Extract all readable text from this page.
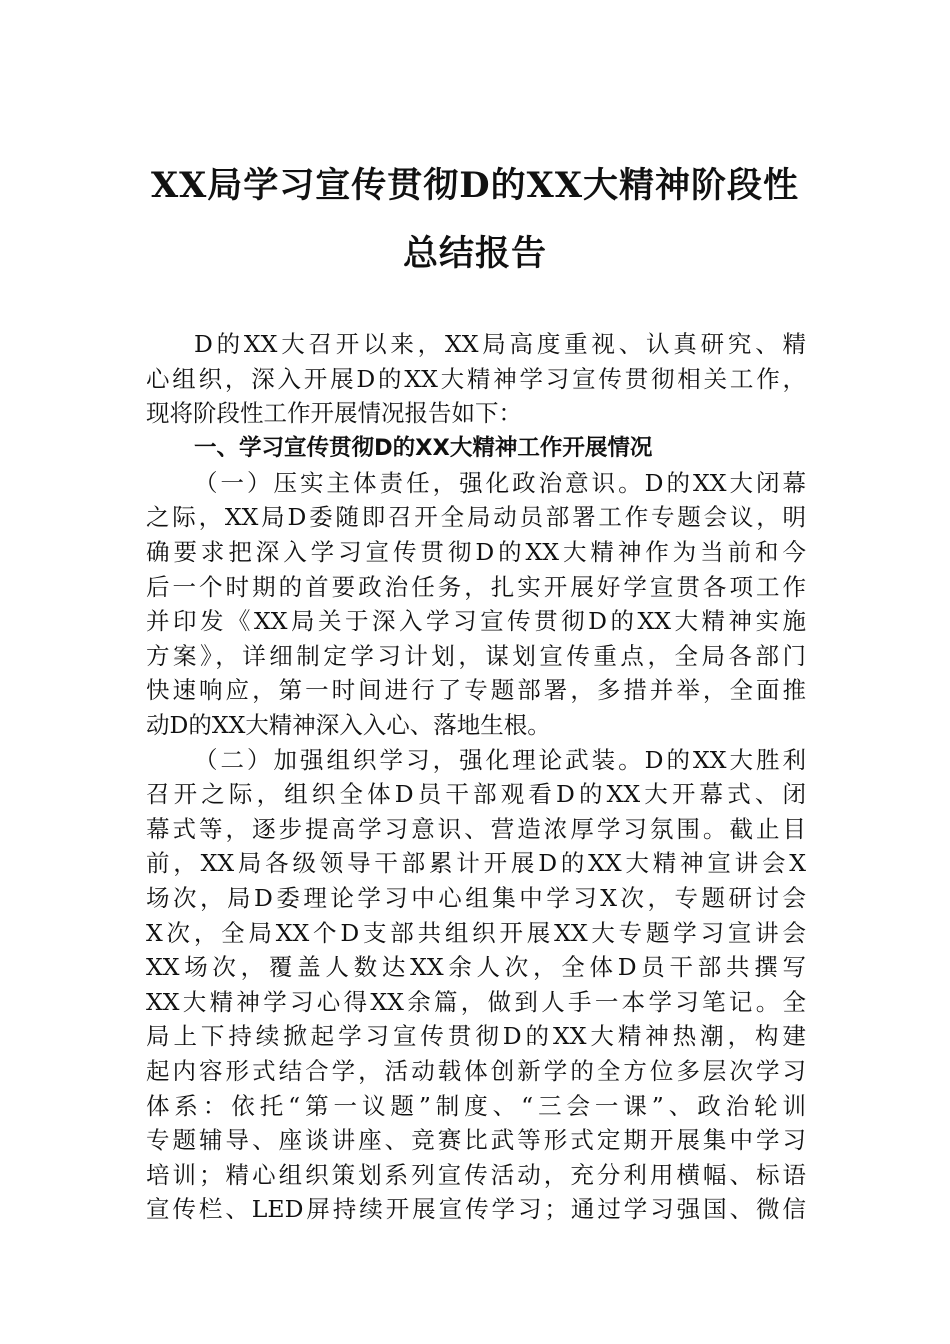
XX局学习宣传贯彻D的XX大精神阶段性
总结报告
D的XX大召开以来，XX局高度重视、认真研究、精
心组织，深入开展D的XX大精神学习宣传贯彻相关工作，
现将阶段性工作开展情况报告如下：
一、学习宣传贯彻D的XX大精神工作开展情况
（一）压实主体责任，强化政治意识。D的XX大闭幕
之际，XX局D委随即召开全局动员部署工作专题会议，明
确要求把深入学习宣传贯彻D的XX大精神作为当前和今
后一个时期的首要政治任务，扎实开展好学宣贯各项工作
并印发《XX局关于深入学习宣传贯彻D的XX大精神实施
方案》，详细制定学习计划，谋划宣传重点，全局各部门
快速响应，第一时间进行了专题部署，多措并举，全面推
动D的XX大精神深入入心、落地生根。
（二）加强组织学习，强化理论武装。D的XX大胜利
召开之际，组织全体D员干部观看D的XX大开幕式、闭
幕式等，逐步提高学习意识、营造浓厚学习氛围。截止目
前，XX局各级领导干部累计开展D的XX大精神宣讲会X
场次，局D委理论学习中心组集中学习X次，专题研讨会
X次，全局XX个D支部共组织开展XX大专题学习宣讲会
XX场次，覆盖人数达XX余人次，全体D员干部共撰写
XX大精神学习心得XX余篇，做到人手一本学习笔记。全
局上下持续掀起学习宣传贯彻D的XX大精神热潮，构建
起内容形式结合学，活动载体创新学的全方位多层次学习
体系：依托“第一议题”制度、“三会一课”、政治轮训
专题辅导、座谈讲座、竞赛比武等形式定期开展集中学习
培训；精心组织策划系列宣传活动，充分利用横幅、标语
宣传栏、LED屏持续开展宣传学习；通过学习强国、微信
